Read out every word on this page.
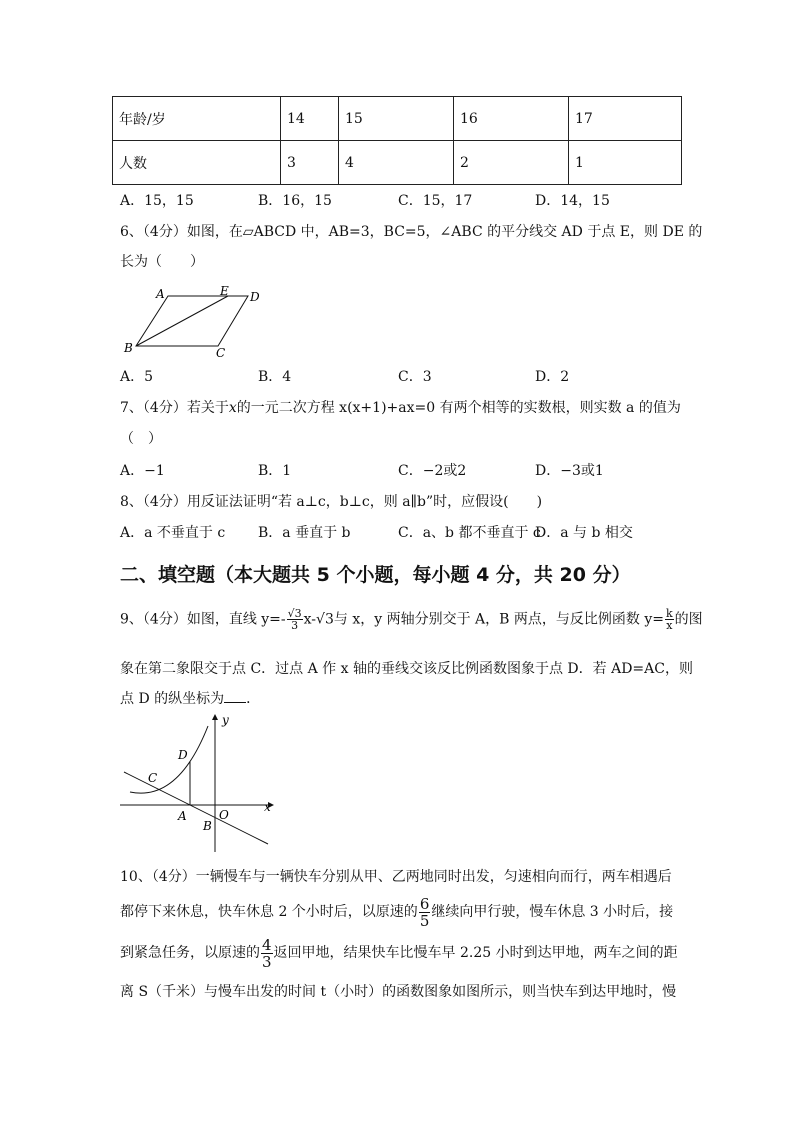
年龄/岁	14	15	16	17
人数	3	4	2	1
A．15，15	B．16，15	C．15，17	D．14，15
6、（4分）如图，在▱ABCD 中，AB=3，BC=5，∠ABC 的平分线交 AD 于点 E，则 DE 的
长为（　　）
A	E D
B	C
A．5	B．4	C．3	D．2
7、（4分）若关于x的一元二次方程 x(x+1)+ax=0 有两个相等的实数根，则实数 a 的值为
（　）
A．−1	B．1	C．−2或2	D．−3或1
8、（4分）用反证法证明“若 a⊥c，b⊥c，则 a∥b”时，应假设(　　)
A．a 不垂直于 c B．a 垂直于 b	C．a、b 都不垂直于 c
D．a 与 b 相交
二、填空题（本大题共 5 个小题，每小题 4 分，共 20 分）
9、（4分）如图，直线 $y=- \frac{√3}{3} x-√3$与 x，y 两轴分别交于 A，B 两点，与反比例函数 $y= \frac{k}{x}$ 的图
象在第二象限交于点 C．过点 A 作 x 轴的垂线交该反比例函数图象于点 D．若 AD=AC，则
点 D 的纵坐标为 ．
y
D
C
x
A	O
B
10、（4分）一辆慢车与一辆快车分别从甲、乙两地同时出发，匀速相向而行，两车相遇后
都停下来休息，快车休息 2 个小时后，以原速的 $\frac{6}{5}$ 继续向甲行驶，慢车休息 3 小时后，接
到紧急任务，以原速的 $\frac{4}{3}$ 返回甲地，结果快车比慢车早 2.25 小时到达甲地，两车之间的距
离 S（千米）与慢车出发的时间 t（小时）的函数图象如图所示，则当快车到达甲地时，慢
